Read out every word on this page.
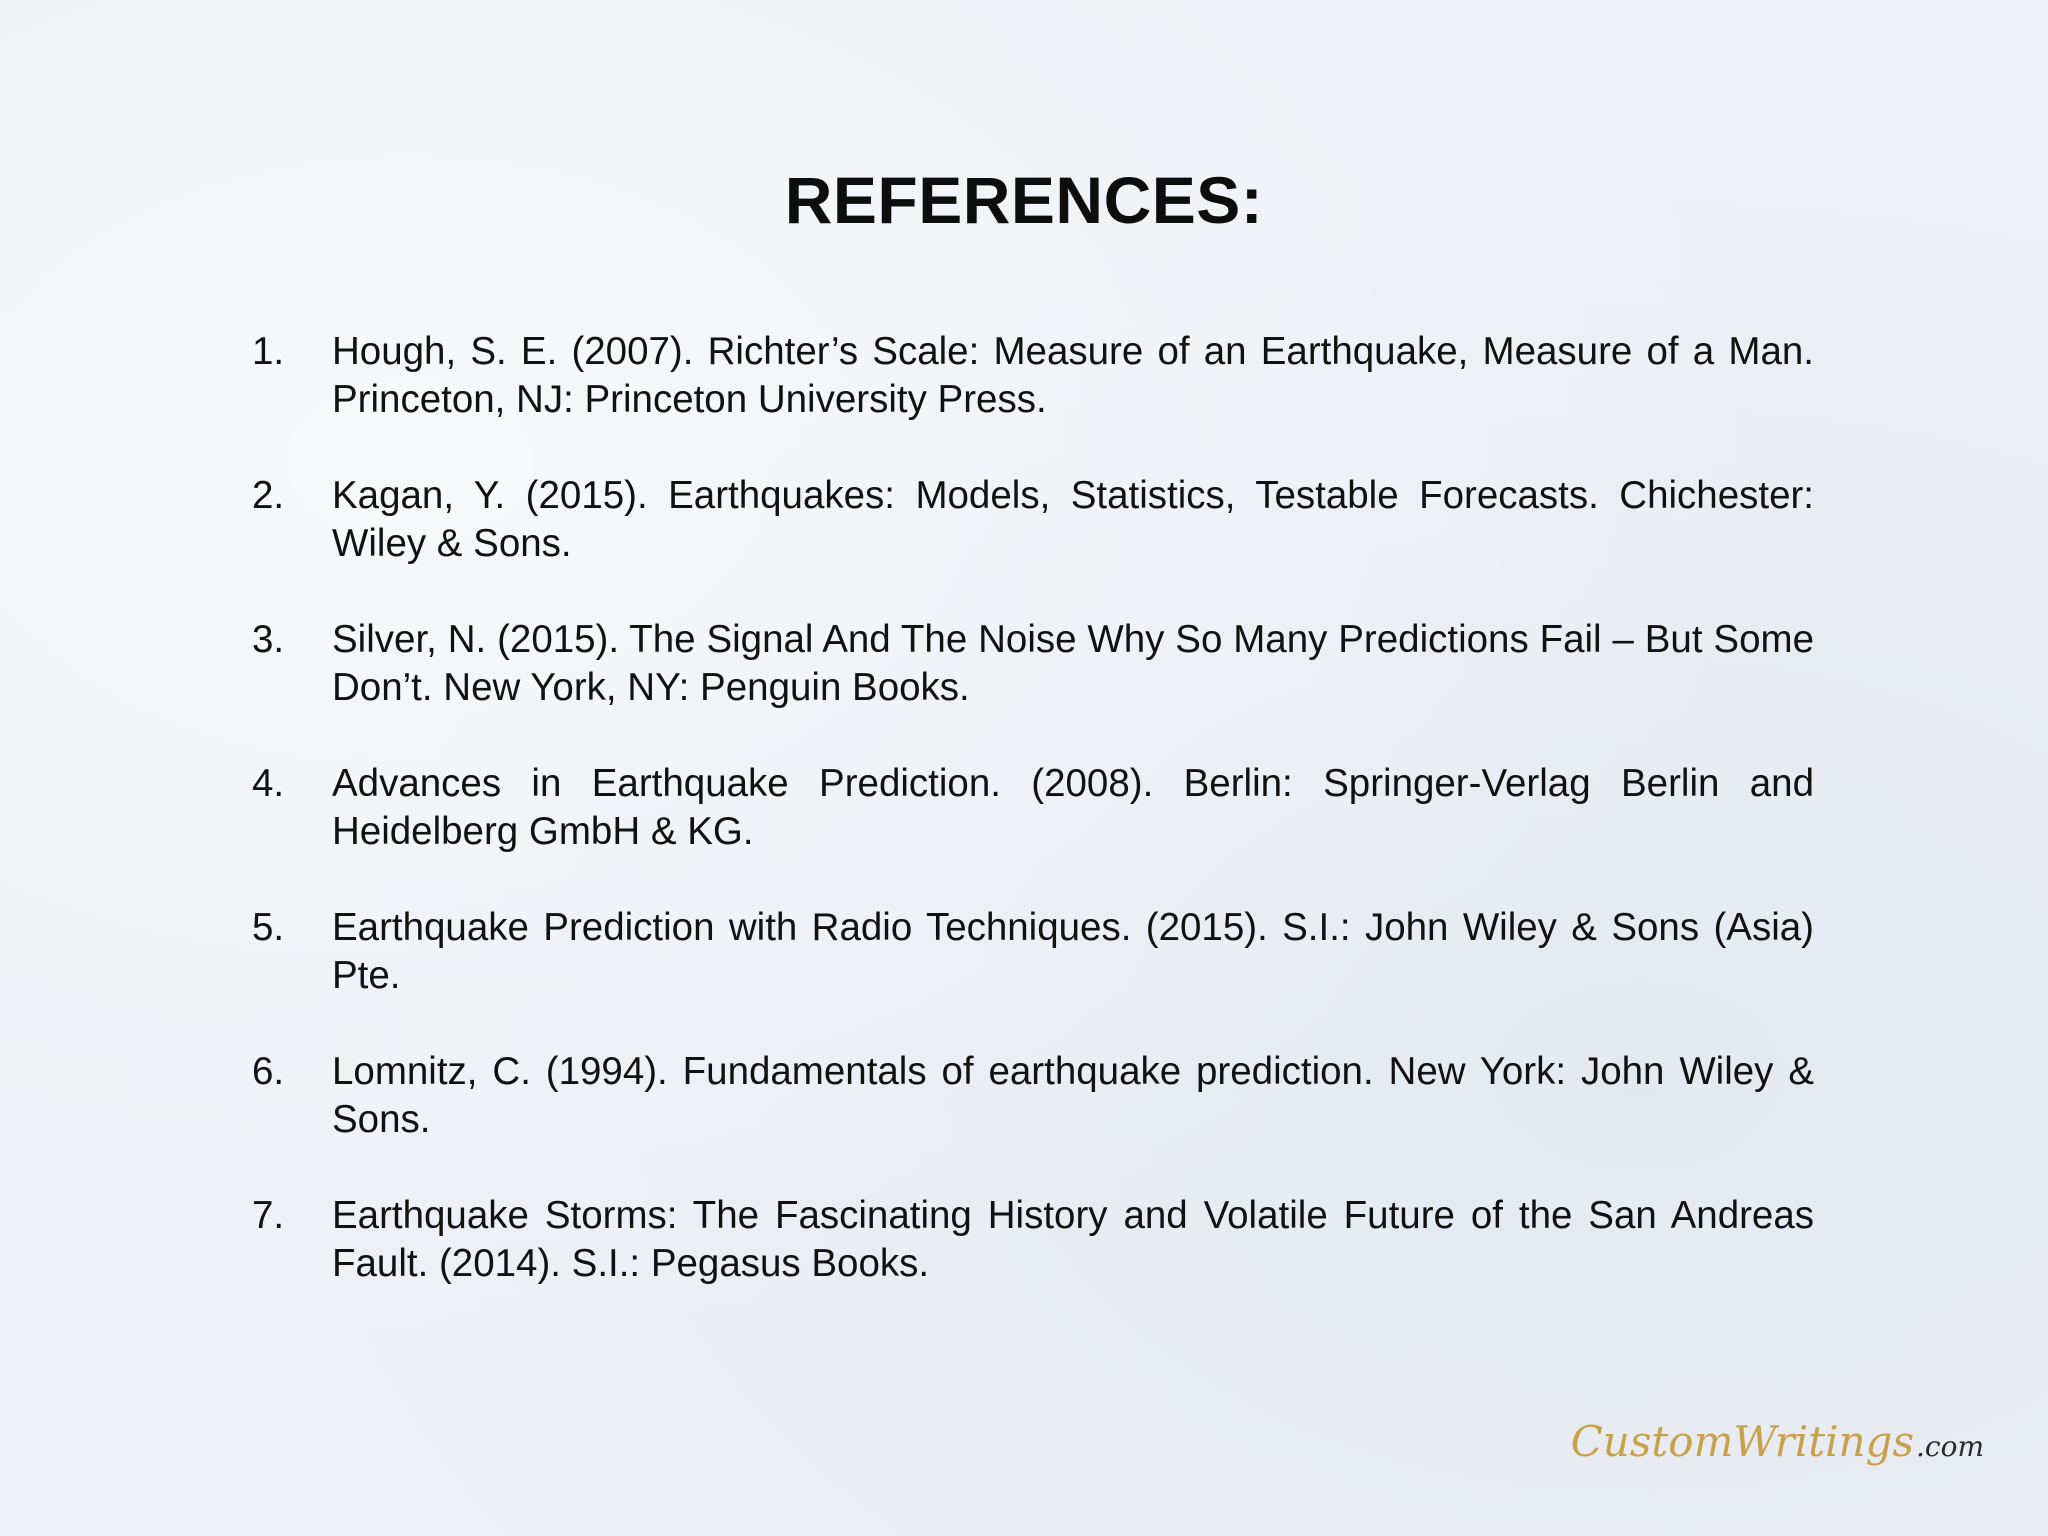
REFERENCES:
1.	Hough, S. E. (2007). Richter’s Scale: Measure of an Earthquake, Measure of a Man. Princeton, NJ: Princeton University Press.
2.	Kagan, Y. (2015). Earthquakes: Models, Statistics, Testable Forecasts. Chichester: Wiley & Sons.
3.	Silver, N. (2015). The Signal And The Noise Why So Many Predictions Fail – But Some Don’t. New York, NY: Penguin Books.
4.	Advances in Earthquake Prediction. (2008). Berlin: Springer-Verlag Berlin and Heidelberg GmbH & KG.
5.	Earthquake Prediction with Radio Techniques. (2015). S.I.: John Wiley & Sons (Asia) Pte.
6.	Lomnitz, C. (1994). Fundamentals of earthquake prediction. New York: John Wiley & Sons.
7.	Earthquake Storms: The Fascinating History and Volatile Future of the San Andreas Fault. (2014). S.I.: Pegasus Books.
CustomWritings.com
